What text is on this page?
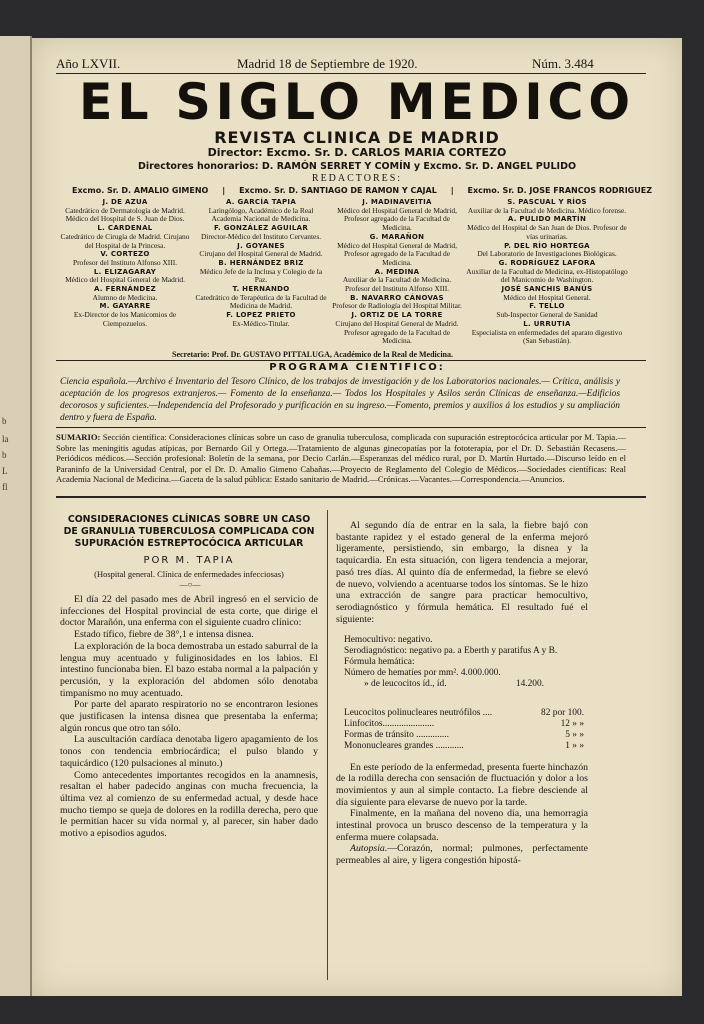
b
la
b
L
fl
Año LXVII.	Madrid 18 de Septiembre de 1920.	Núm. 3.484
EL SIGLO MEDICO
REVISTA CLINICA DE MADRID
Director: Excmo. Sr. D. CARLOS MARIA CORTEZO
Directores honorarios: D. RAMÓN SERRET Y COMÍN y Excmo. Sr. D. ANGEL PULIDO
REDACTORES:
Excmo. Sr. D. AMALIO GIMENO | Excmo. Sr. D. SANTIAGO DE RAMON Y CAJAL | Excmo. Sr. D. JOSE FRANCOS RODRIGUEZ
J. DE AZUA
Catedrático de Dermatología de Madrid. Médico del Hospital de S. Juan de Dios.
L. CARDENAL
Catedrático de Cirugía de Madrid. Cirujano del Hospital de la Princesa.
V. CORTEZO
Profesor del Instituto Alfonso XIII.
L. ELIZAGARAY
Médico del Hospital General de Madrid.
A. FERNÁNDEZ
Alumno de Medicina.
M. GAYARRE
Ex-Director de los Manicomios de Ciempozuelos.
A. GARCÍA TAPIA
Laringólogo, Académico de la Real Academia Nacional de Medicina.
F. GONZÁLEZ AGUILAR
Director-Médico del Instituto Cervantes.
J. GOYANES
Cirujano del Hospital General de Madrid.
B. HERNÁNDEZ BRIZ
Médico Jefe de la Inclusa y Colegio de la Paz.
T. HERNANDO
Catedrático de Terapéutica de la Facultad de Medicina de Madrid.
F. LOPEZ PRIETO
Ex-Médico-Titular.
J. MADINAVEITIA
Médico del Hospital General de Madrid, Profesor agregado de la Facultad de Medicina.
G. MARAÑON
Médico del Hospital General de Madrid, Profesor agregado de la Facultad de Medicina.
A. MEDINA
Auxiliar de la Facultad de Medicina. Profesor del Instituto Alfonso XIII.
B. NAVARRO CÁNOVAS
Profesor de Radiología del Hospital Militar.
J. ORTIZ DE LA TORRE
Cirujano del Hospital General de Madrid. Profesor agregado de la Facultad de Medicina.
S. PASCUAL Y RÍOS
Auxiliar de la Facultad de Medicina. Médico forense.
A. PULIDO MARTÍN
Médico del Hospital de San Juan de Dios. Profesor de vías urinarias.
P. DEL RÍO HORTEGA
Del Laboratorio de Investigaciones Biológicas.
G. RODRÍGUEZ LAFORA
Auxiliar de la Facultad de Medicina, ex-Histopatólogo del Manicomio de Washington.
JOSÉ SANCHIS BANÚS
Médico del Hospital General.
F. TELLO
Sub-Inspector General de Sanidad
L. URRUTIA
Especialista en enfermedades del aparato digestivo (San Sebastián).
Secretario: Prof. Dr. GUSTAVO PITTALUGA, Académico de la Real de Medicina.
PROGRAMA CIENTIFICO:
Ciencia española.—Archivo é Inventario del Tesoro Clínico, de los trabajos de investigación y de los Laboratorios nacionales.— Crítica, análisis y aceptación de los progresos extranjeros.— Fomento de la enseñanza.— Todos los Hospitales y Asilos serán Clínicas de enseñanza.—Edificios decorosos y suficientes.—Independencia del Profesorado y purificación en su ingreso.—Fomento, premios y auxilios á los estudios y su ampliación dentro y fuera de España.
SUMARIO: Sección científica: Consideraciones clínicas sobre un caso de granulia tuberculosa, complicada con supuración estreptocócica articular por M. Tapia.—Sobre las meningitis agudas atípicas, por Bernardo Gil y Ortega.—Tratamiento de algunas ginecopatías por la fototerapia, por el Dr. D. Sebastián Recasens.—Periódicos médicos.—Sección profesional: Boletín de la semana, por Decio Carlán.—Esperanzas del médico rural, por D. Martín Hurtado.—Discurso leído en el Paraninfo de la Universidad Central, por el Dr. D. Amalio Gimeno Cabañas.—Proyecto de Reglamento del Colegio de Médicos.—Sociedades científicas: Real Academia Nacional de Medicina.—Gaceta de la salud pública: Estado sanitario de Madrid.—Crónicas.—Vacantes.—Correspondencia.—Anuncios.
CONSIDERACIONES CLÍNICAS SOBRE UN CASO DE GRANULIA TUBERCULOSA COMPLICADA CON SUPURACIÓN ESTREPTOCÓCICA ARTICULAR
POR M. TAPIA
(Hospital general. Clínica de enfermedades infecciosas)
—○—

El día 22 del pasado mes de Abril ingresó en el servicio de infecciones del Hospital provincial de esta corte, que dirige el doctor Marañón, una enferma con el siguiente cuadro clínico:

Estado tífico, fiebre de 38°,1 e intensa disnea.

La exploración de la boca demostraba un estado saburral de la lengua muy acentuado y fuliginosidades en los labios. El intestino funcionaba bien. El bazo estaba normal a la palpación y percusión, y la exploración del abdomen sólo denotaba timpanismo no muy acentuado.

Por parte del aparato respiratorio no se encontraron lesiones que justificasen la intensa disnea que presentaba la enferma; algún roncus que otro tan sólo.

La auscultación cardíaca denotaba ligero apagamiento de los tonos con tendencia embriocárdica; el pulso blando y taquicárdico (120 pulsaciones al minuto.)

Como antecedentes importantes recogidos en la anamnesis, resaltan el haber padecido anginas con mucha frecuencia, la última vez al comienzo de su enfermedad actual, y desde hace mucho tiempo se queja de dolores en la rodilla derecha, pero que le permitían hacer su vida normal y, al parecer, sin haber dado motivo a episodios agudos.

Al segundo día de entrar en la sala, la fiebre bajó con bastante rapidez y el estado general de la enferma mejoró ligeramente, persistiendo, sin embargo, la disnea y la taquicardia. En esta situación, con ligera tendencia a mejorar, pasó tres días. Al quinto día de enfermedad, la fiebre se elevó de nuevo, volviendo a acentuarse todos los síntomas. Se le hizo una extracción de sangre para practicar hemocultivo, serodiagnóstico y fórmula hemática. El resultado fué el siguiente:

Hemocultivo: negativo.
Serodiagnóstico: negativo pa. a Eberth y paratifus A y B.
Fórmula hemática:
Número de hematíes por mm². 4.000.000.
» de leucocitos íd., íd.	14.200.
Leucocitos polinucleares neutrófilos ....	82 por 100.
Linfocitos......................	12 » »
Formas de tránsito ..............	5 » »
Mononucleares grandes ............	1 » »

En este período de la enfermedad, presenta fuerte hinchazón de la rodilla derecha con sensación de fluctuación y dolor a los movimientos y aun al simple contacto. La fiebre desciende al día siguiente para elevarse de nuevo por la tarde.

Finalmente, en la mañana del noveno día, una hemorragia intestinal provoca un brusco descenso de la temperatura y la enferma muere colapsada.

Autopsia.—Corazón, normal; pulmones, perfectamente permeables al aire, y ligera congestión hipostá-
